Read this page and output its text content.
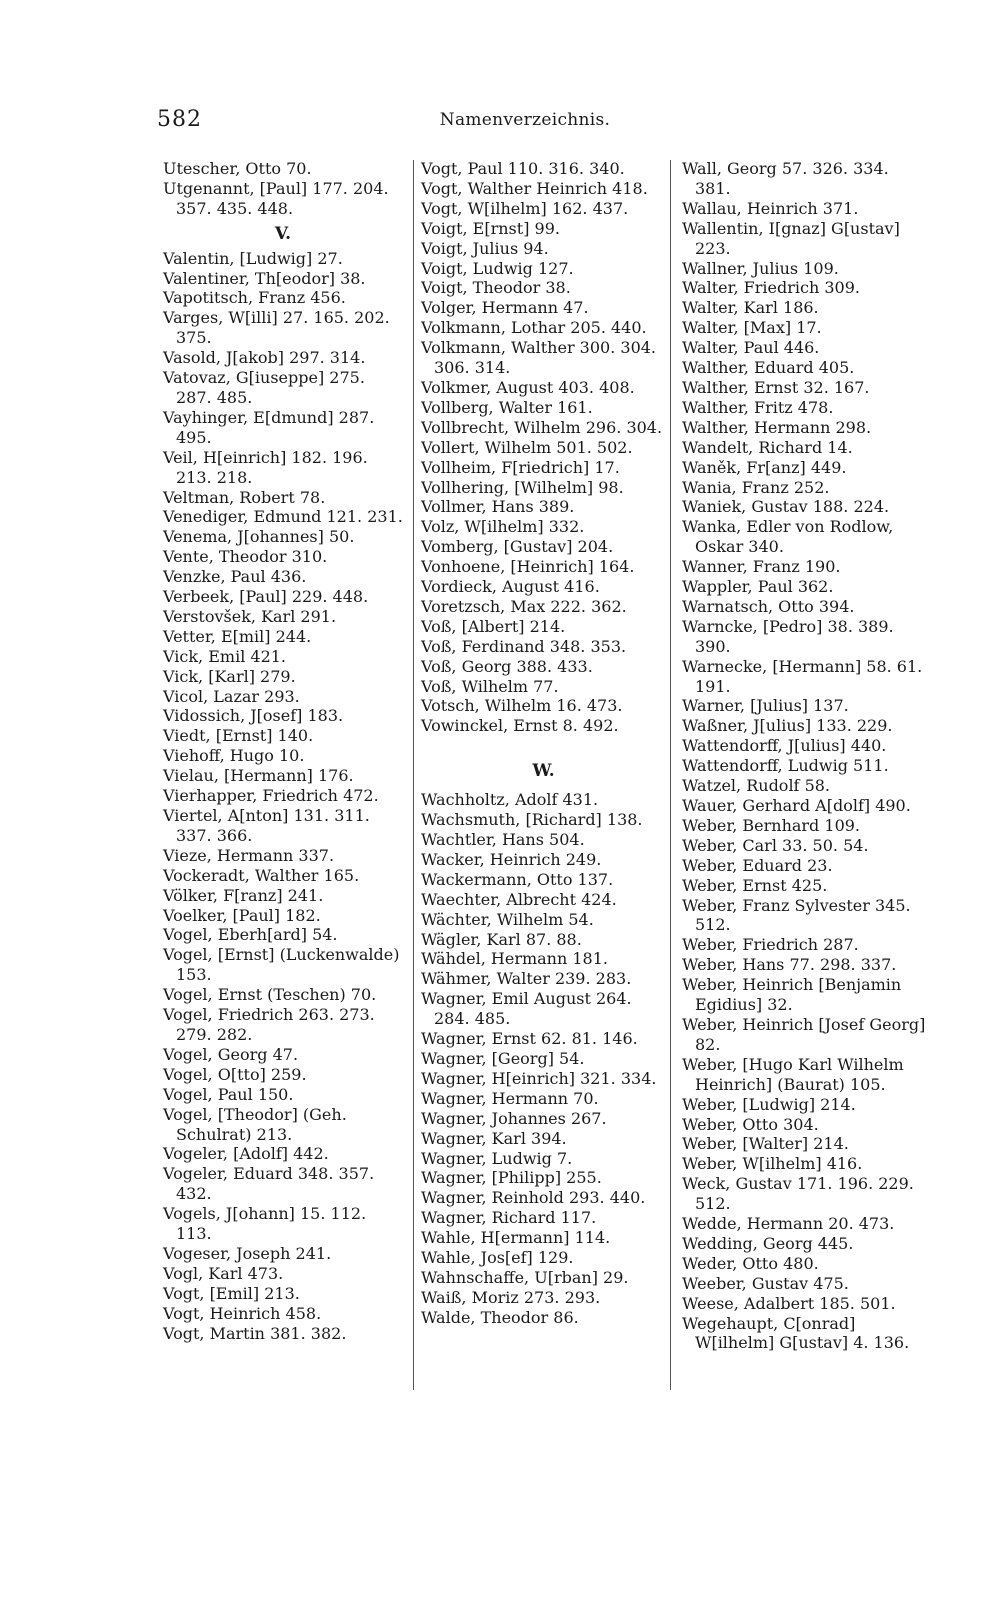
582	Namenverzeichnis.
Utescher, Otto 70.
Utgenannt, [Paul] 177. 204. 357. 435. 448.
V.
Valentin, [Ludwig] 27.
Valentiner, Th[eodor] 38.
Vapotitsch, Franz 456.
Varges, W[illi] 27. 165. 202. 375.
Vasold, J[akob] 297. 314.
Vatovaz, G[iuseppe] 275. 287. 485.
Vayhinger, E[dmund] 287. 495.
Veil, H[einrich] 182. 196. 213. 218.
Veltman, Robert 78.
Venediger, Edmund 121. 231.
Venema, J[ohannes] 50.
Vente, Theodor 310.
Venzke, Paul 436.
Verbeek, [Paul] 229. 448.
Verstovšek, Karl 291.
Vetter, E[mil] 244.
Vick, Emil 421.
Vick, [Karl] 279.
Vicol, Lazar 293.
Vidossich, J[osef] 183.
Viedt, [Ernst] 140.
Viehoff, Hugo 10.
Vielau, [Hermann] 176.
Vierhapper, Friedrich 472.
Viertel, A[nton] 131. 311. 337. 366.
Vieze, Hermann 337.
Vockeradt, Walther 165.
Völker, F[ranz] 241.
Voelker, [Paul] 182.
Vogel, Eberh[ard] 54.
Vogel, [Ernst] (Luckenwalde) 153.
Vogel, Ernst (Teschen) 70.
Vogel, Friedrich 263. 273. 279. 282.
Vogel, Georg 47.
Vogel, O[tto] 259.
Vogel, Paul 150.
Vogel, [Theodor] (Geh. Schulrat) 213.
Vogeler, [Adolf] 442.
Vogeler, Eduard 348. 357. 432.
Vogels, J[ohann] 15. 112. 113.
Vogeser, Joseph 241.
Vogl, Karl 473.
Vogt, [Emil] 213.
Vogt, Heinrich 458.
Vogt, Martin 381. 382.
Vogt, Paul 110. 316. 340.
Vogt, Walther Heinrich 418.
Vogt, W[ilhelm] 162. 437.
Voigt, E[rnst] 99.
Voigt, Julius 94.
Voigt, Ludwig 127.
Voigt, Theodor 38.
Volger, Hermann 47.
Volkmann, Lothar 205. 440.
Volkmann, Walther 300. 304. 306. 314.
Volkmer, August 403. 408.
Vollberg, Walter 161.
Vollbrecht, Wilhelm 296. 304.
Vollert, Wilhelm 501. 502.
Vollheim, F[riedrich] 17.
Vollhering, [Wilhelm] 98.
Vollmer, Hans 389.
Volz, W[ilhelm] 332.
Vomberg, [Gustav] 204.
Vonhoene, [Heinrich] 164.
Vordieck, August 416.
Voretzsch, Max 222. 362.
Voß, [Albert] 214.
Voß, Ferdinand 348. 353.
Voß, Georg 388. 433.
Voß, Wilhelm 77.
Votsch, Wilhelm 16. 473.
Vowinckel, Ernst 8. 492.
W.
Wachholtz, Adolf 431.
Wachsmuth, [Richard] 138.
Wachtler, Hans 504.
Wacker, Heinrich 249.
Wackermann, Otto 137.
Waechter, Albrecht 424.
Wächter, Wilhelm 54.
Wägler, Karl 87. 88.
Wähdel, Hermann 181.
Wähmer, Walter 239. 283.
Wagner, Emil August 264. 284. 485.
Wagner, Ernst 62. 81. 146.
Wagner, [Georg] 54.
Wagner, H[einrich] 321. 334.
Wagner, Hermann 70.
Wagner, Johannes 267.
Wagner, Karl 394.
Wagner, Ludwig 7.
Wagner, [Philipp] 255.
Wagner, Reinhold 293. 440.
Wagner, Richard 117.
Wahle, H[ermann] 114.
Wahle, Jos[ef] 129.
Wahnschaffe, U[rban] 29.
Waiß, Moriz 273. 293.
Walde, Theodor 86.
Wall, Georg 57. 326. 334. 381.
Wallau, Heinrich 371.
Wallentin, I[gnaz] G[ustav] 223.
Wallner, Julius 109.
Walter, Friedrich 309.
Walter, Karl 186.
Walter, [Max] 17.
Walter, Paul 446.
Walther, Eduard 405.
Walther, Ernst 32. 167.
Walther, Fritz 478.
Walther, Hermann 298.
Wandelt, Richard 14.
Waněk, Fr[anz] 449.
Wania, Franz 252.
Waniek, Gustav 188. 224.
Wanka, Edler von Rodlow, Oskar 340.
Wanner, Franz 190.
Wappler, Paul 362.
Warnatsch, Otto 394.
Warncke, [Pedro] 38. 389. 390.
Warnecke, [Hermann] 58. 61. 191.
Warner, [Julius] 137.
Waßner, J[ulius] 133. 229.
Wattendorff, J[ulius] 440.
Wattendorff, Ludwig 511.
Watzel, Rudolf 58.
Wauer, Gerhard A[dolf] 490.
Weber, Bernhard 109.
Weber, Carl 33. 50. 54.
Weber, Eduard 23.
Weber, Ernst 425.
Weber, Franz Sylvester 345. 512.
Weber, Friedrich 287.
Weber, Hans 77. 298. 337.
Weber, Heinrich [Benjamin Egidius] 32.
Weber, Heinrich [Josef Georg] 82.
Weber, [Hugo Karl Wilhelm Heinrich] (Baurat) 105.
Weber, [Ludwig] 214.
Weber, Otto 304.
Weber, [Walter] 214.
Weber, W[ilhelm] 416.
Weck, Gustav 171. 196. 229. 512.
Wedde, Hermann 20. 473.
Wedding, Georg 445.
Weder, Otto 480.
Weeber, Gustav 475.
Weese, Adalbert 185. 501.
Wegehaupt, C[onrad] W[ilhelm] G[ustav] 4. 136.
